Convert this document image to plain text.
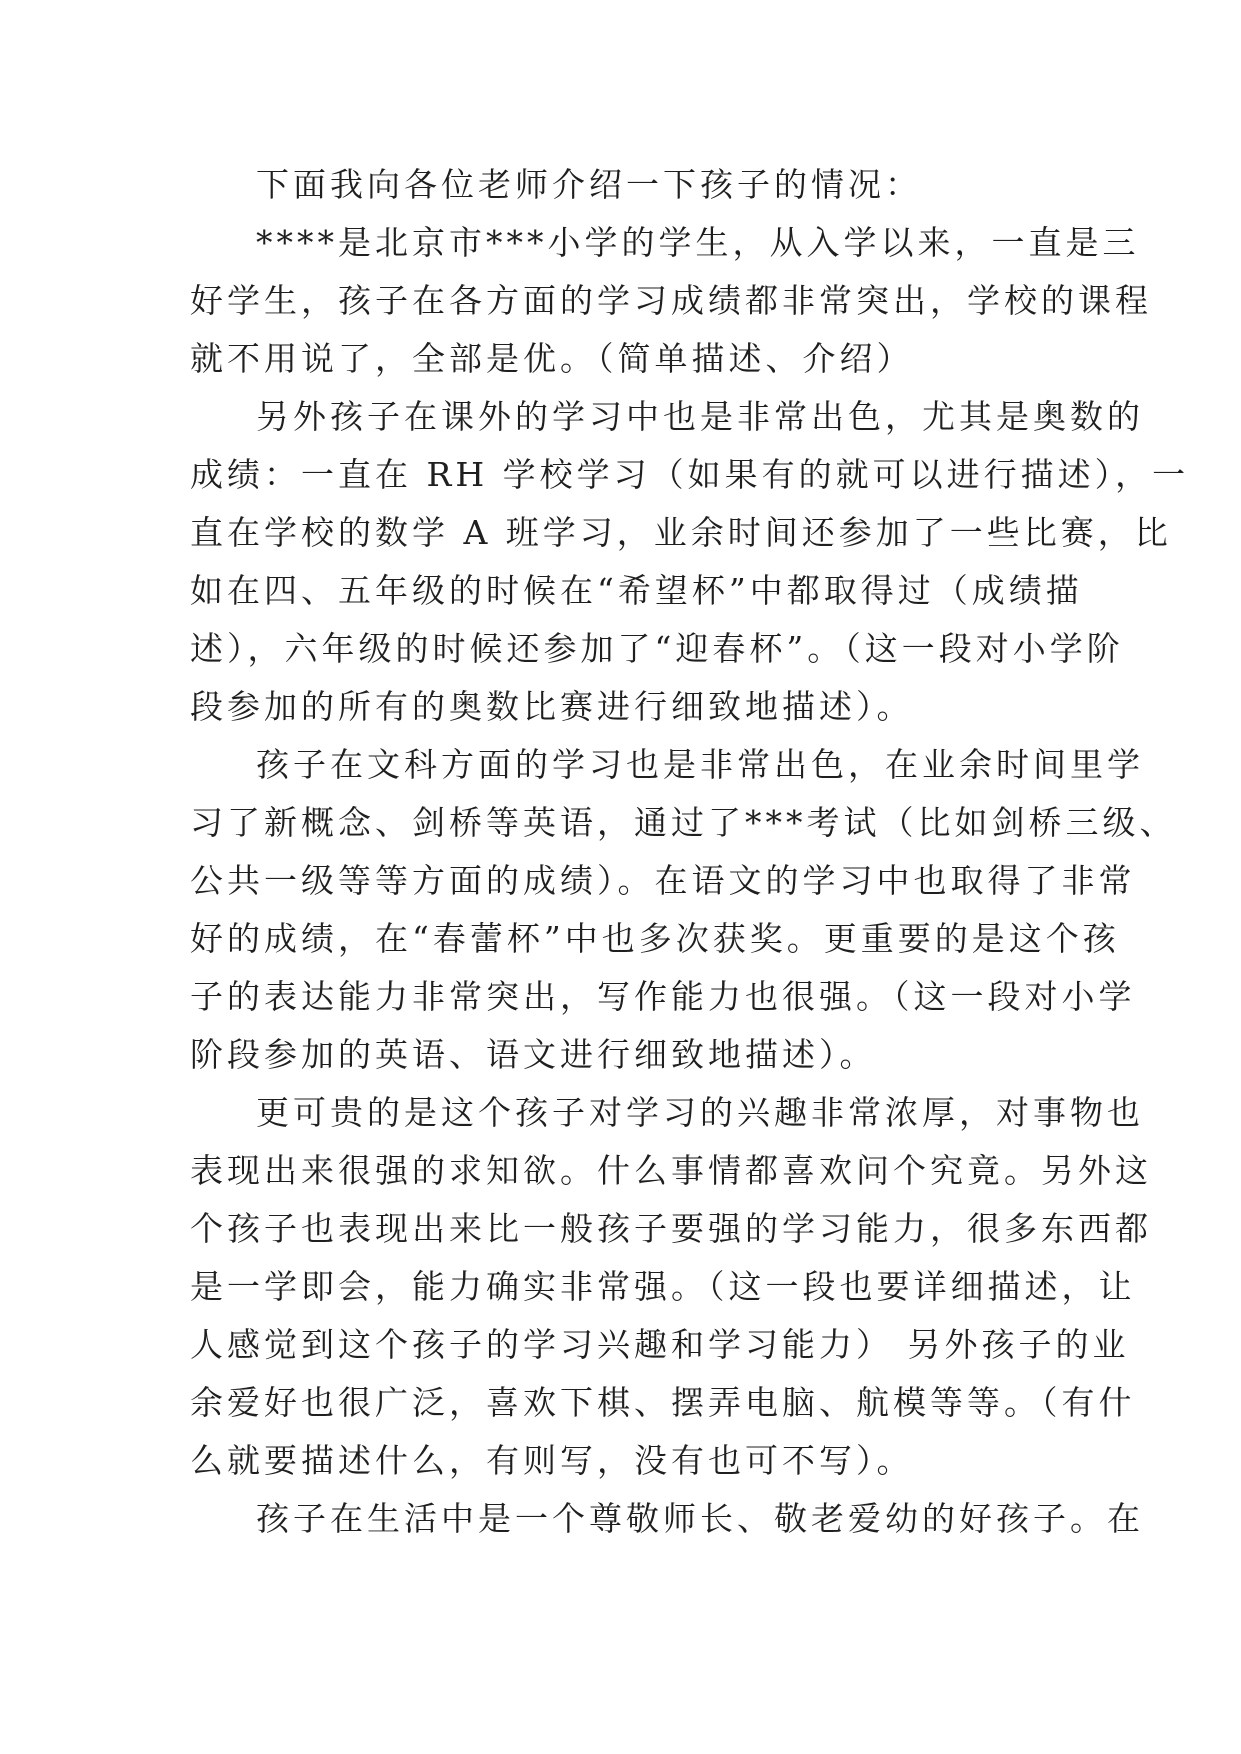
下面我向各位老师介绍一下孩子的情况：
****是北京市***小学的学生，从入学以来，一直是三
好学生，孩子在各方面的学习成绩都非常突出，学校的课程
就不用说了，全部是优。（简单描述、介绍）
另外孩子在课外的学习中也是非常出色，尤其是奥数的
成绩：一直在 RH 学校学习（如果有的就可以进行描述），一
直在学校的数学 A 班学习，业余时间还参加了一些比赛，比
如在四、五年级的时候在“希望杯”中都取得过（成绩描
述），六年级的时候还参加了“迎春杯”。（这一段对小学阶
段参加的所有的奥数比赛进行细致地描述）。
孩子在文科方面的学习也是非常出色，在业余时间里学
习了新概念、剑桥等英语，通过了***考试（比如剑桥三级、
公共一级等等方面的成绩）。在语文的学习中也取得了非常
好的成绩，在“春蕾杯”中也多次获奖。更重要的是这个孩
子的表达能力非常突出，写作能力也很强。（这一段对小学
阶段参加的英语、语文进行细致地描述）。
更可贵的是这个孩子对学习的兴趣非常浓厚，对事物也
表现出来很强的求知欲。什么事情都喜欢问个究竟。另外这
个孩子也表现出来比一般孩子要强的学习能力，很多东西都
是一学即会，能力确实非常强。（这一段也要详细描述，让
人感觉到这个孩子的学习兴趣和学习能力） 另外孩子的业
余爱好也很广泛，喜欢下棋、摆弄电脑、航模等等。（有什
么就要描述什么，有则写，没有也可不写）。
孩子在生活中是一个尊敬师长、敬老爱幼的好孩子。在
